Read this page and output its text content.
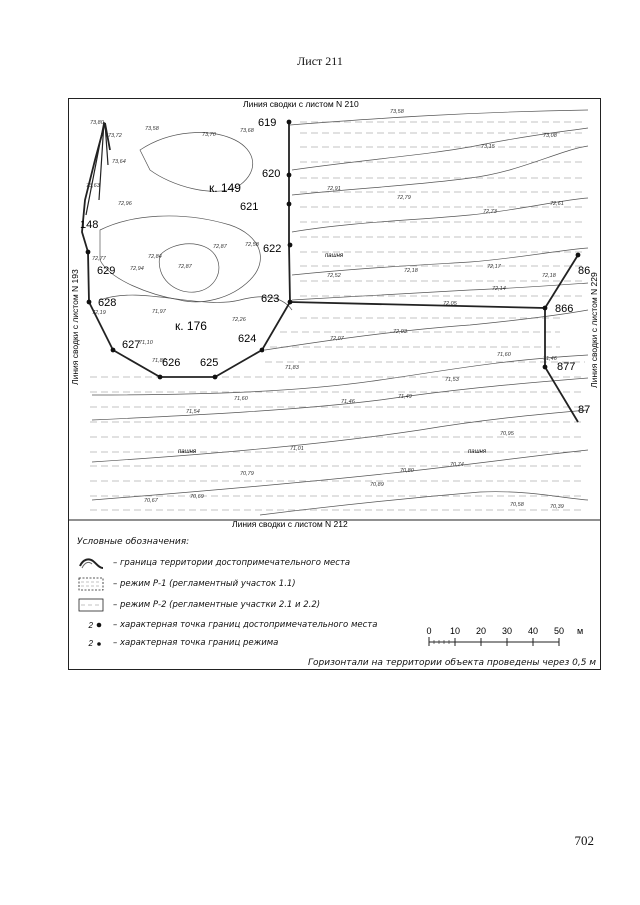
Лист 211
Линия сводки с листом N 210
Линия сводки с листом N 212
Линия сводки с листом N 193	Линия сводки с листом N 229
к. 149
к. 176
пашня
пашня	пашня
619
620
621
622
623
624
625
626
627
628
629
148
866
877
86
87
73,80
73,72
73,58
73,70
73,68
73,64
73,58
73,63
73,08
73,15
72,96
72,91
72,79
72,73
72,61
72,94	72,87
72,87	72,58
72,77	72,84
72,52
72,18
72,17
72,18
72,19	71,97
72,26
72,14
72,05
72,07
72,03
71,10
71,87
71,83
71,60
71,53
71,49
71,46
71,46
71,54
71,60
71,01
70,95
70,74
70,79	70,80
70,69
70,67
70,89
70,58	70,39
Условные обозначения:
– граница территории достопримечательного места
– режим Р-1 (регламентный участок 1.1)
– режим Р-2 (регламентные участки 2.1 и 2.2)
2 – характерная точка границ достопримечательного места
2 – характерная точка границ режима
0 10 20 30 40 50 м
Горизонтали на территории объекта проведены через 0,5 м
702
